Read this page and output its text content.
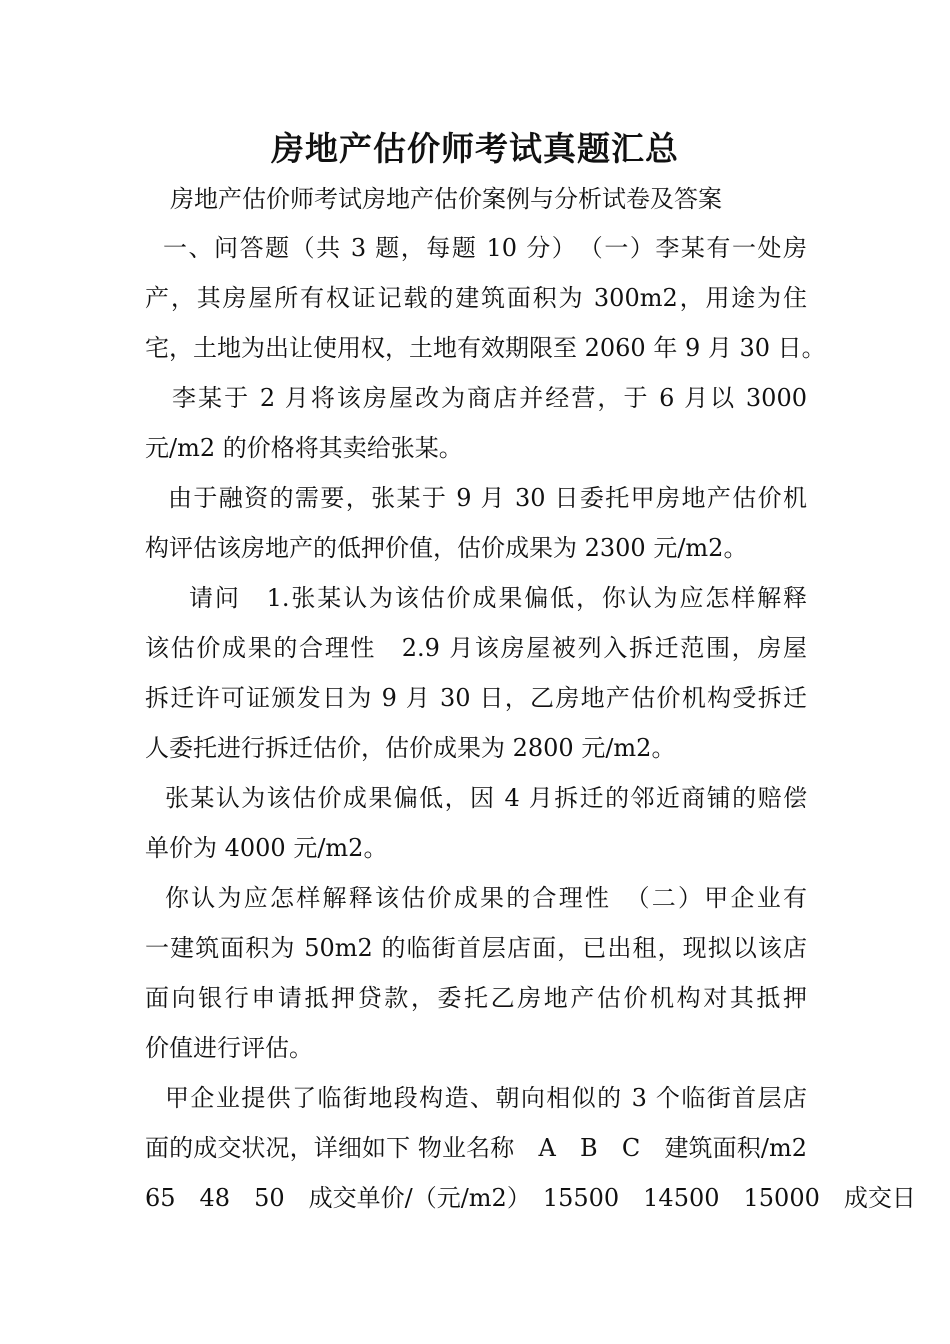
房地产估价师考试真题汇总
房地产估价师考试房地产估价案例与分析试卷及答案
一、问答题（共 3 题，每题 10 分）　（一）李某有一处房
产，其房屋所有权证记载的建筑面积为 300m2，用途为住
宅，土地为出让使用权，土地有效期限至 2060 年 9 月 30 日。
李某于 2 月将该房屋改为商店并经营，于 6 月以 3000
元/m2 的价格将其卖给张某。
由于融资的需要，张某于 9 月 30 日委托甲房地产估价机
构评估该房地产的低押价值，估价成果为 2300 元/m2。
请问　1.张某认为该估价成果偏低，你认为应怎样解释
该估价成果的合理性　2.9 月该房屋被列入拆迁范围，房屋
拆迁许可证颁发日为 9 月 30 日，乙房地产估价机构受拆迁
人委托进行拆迁估价，估价成果为 2800 元/m2。
张某认为该估价成果偏低，因 4 月拆迁的邻近商铺的赔偿
单价为 4000 元/m2。
你认为应怎样解释该估价成果的合理性　（二）甲企业有
一建筑面积为 50m2 的临街首层店面，已出租，现拟以该店
面向银行申请抵押贷款，委托乙房地产估价机构对其抵押
价值进行评估。
甲企业提供了临街地段构造、朝向相似的 3 个临街首层店
面的成交状况，详细如下 物业名称　A　B　C　建筑面积/m2
65　48　50　成交单价/（元/m2）　15500　14500　15000　成交日
